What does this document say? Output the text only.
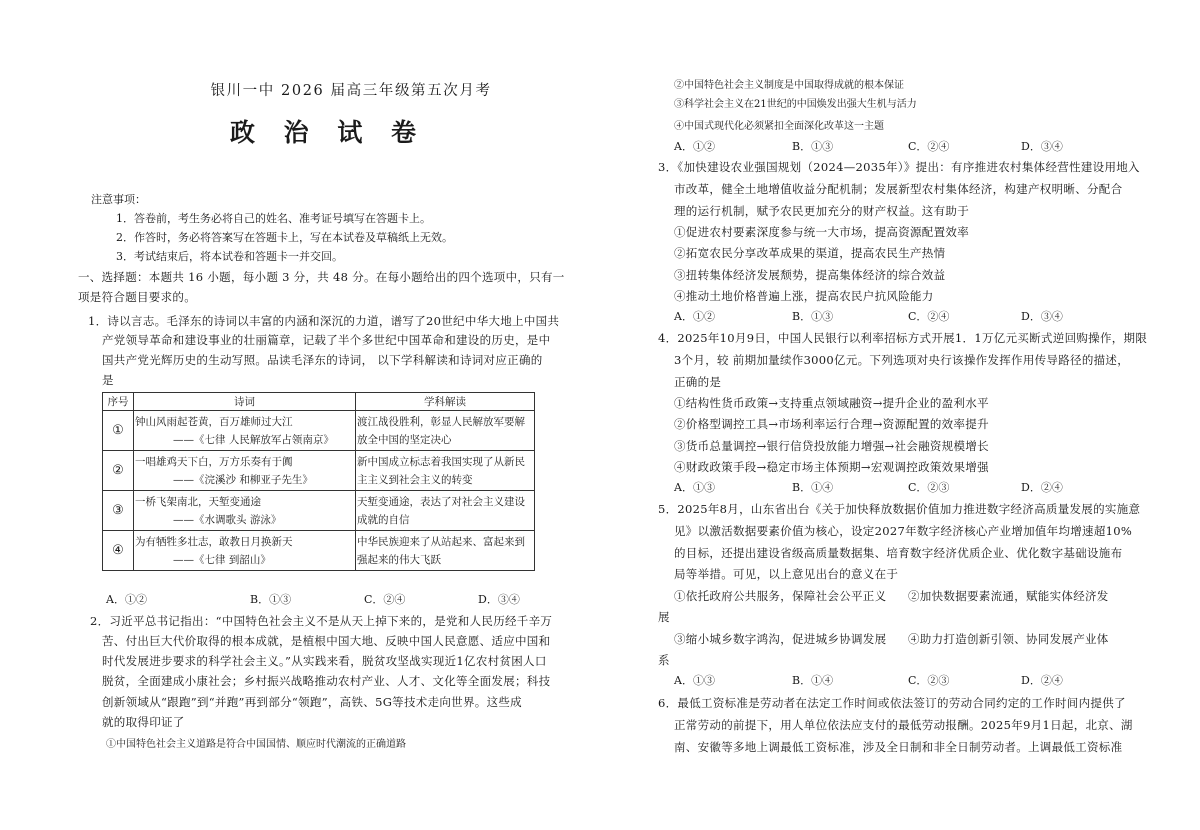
银川一中 2026 届高三年级第五次月考
政 治 试 卷
注意事项：
1．答卷前，考生务必将自己的姓名、准考证号填写在答题卡上。
2．作答时，务必将答案写在答题卡上，写在本试卷及草稿纸上无效。
3．考试结束后，将本试卷和答题卡一并交回。
一、选择题：本题共 16 小题，每小题 3 分，共 48 分。在每小题给出的四个选项中，只有一
项是符合题目要求的。
1．诗以言志。毛泽东的诗词以丰富的内涵和深沉的力道，谱写了20世纪中华大地上中国共
产党领导革命和建设事业的壮丽篇章，记载了半个多世纪中国革命和建设的历史，是中
国共产党光辉历史的生动写照。品读毛泽东的诗词， 以下学科解读和诗词对应正确的
是
序号	诗词	学科解读
①	钟山风雨起苍黄，百万雄师过大江
——《七律 人民解放军占领南京》	渡江战役胜利，彰显人民解放军要解放全中国的坚定决心
②	一唱雄鸡天下白，万方乐奏有于阗
——《浣溪沙 和柳亚子先生》	新中国成立标志着我国实现了从新民主主义到社会主义的转变
③	一桥飞架南北，天堑变通途
——《水调歌头 游泳》	天堑变通途，表达了对社会主义建设成就的自信
④	为有牺牲多壮志，敢教日月换新天
——《七律 到韶山》	中华民族迎来了从站起来、富起来到强起来的伟大飞跃
A．①②	B．①③	C．②④	D．③④
2．习近平总书记指出：“中国特色社会主义不是从天上掉下来的，是党和人民历经千辛万
苦、付出巨大代价取得的根本成就，是植根中国大地、反映中国人民意愿、适应中国和
时代发展进步要求的科学社会主义。”从实践来看，脱贫攻坚战实现近1亿农村贫困人口
脱贫，全面建成小康社会；乡村振兴战略推动农村产业、人才、文化等全面发展；科技
创新领域从“跟跑”到“并跑”再到部分“领跑”，高铁、5G等技术走向世界。这些成
就的取得印证了
①中国特色社会主义道路是符合中国国情、顺应时代潮流的正确道路
②中国特色社会主义制度是中国取得成就的根本保证
③科学社会主义在21世纪的中国焕发出强大生机与活力
④中国式现代化必须紧扣全面深化改革这一主题
A．①②	B．①③	C．②④	D．③④
3．《加快建设农业强国规划（2024—2035年）》提出：有序推进农村集体经营性建设用地入
市改革，健全土地增值收益分配机制；发展新型农村集体经济，构建产权明晰、分配合
理的运行机制，赋予农民更加充分的财产权益。这有助于
①促进农村要素深度参与统一大市场，提高资源配置效率
②拓宽农民分享改革成果的渠道，提高农民生产热情
③扭转集体经济发展颓势，提高集体经济的综合效益
④推动土地价格普遍上涨，提高农民户抗风险能力
A．①②	B．①③	C．②④	D．③④
4．2025年10月9日，中国人民银行以利率招标方式开展1．1万亿元买断式逆回购操作，期限
3个月，较 前期加量续作3000亿元。下列选项对央行该操作发挥作用传导路径的描述，
正确的是
①结构性货币政策→支持重点领域融资→提升企业的盈利水平
②价格型调控工具→市场利率运行合理→资源配置的效率提升
③货币总量调控→银行信贷投放能力增强→社会融资规模增长
④财政政策手段→稳定市场主体预期→宏观调控政策效果增强
A．①③	B．①④	C．②③	D．②④
5．2025年8月，山东省出台《关于加快释放数据价值加力推进数字经济高质量发展的实施意
见》以激活数据要素价值为核心，设定2027年数字经济核心产业增加值年均增速超10%
的目标，还提出建设省级高质量数据集、培育数字经济优质企业、优化数字基础设施布
局等举措。可见，以上意见出台的意义在于
①依托政府公共服务，保障社会公平正义 ②加快数据要素流通，赋能实体经济发
展
③缩小城乡数字鸿沟，促进城乡协调发展 ④助力打造创新引领、协同发展产业体
系
A．①③	B．①④	C．②③	D．②④
6．最低工资标准是劳动者在法定工作时间或依法签订的劳动合同约定的工作时间内提供了
正常劳动的前提下，用人单位依法应支付的最低劳动报酬。2025年9月1日起，北京、湖
南、安徽等多地上调最低工资标准，涉及全日制和非全日制劳动者。上调最低工资标准
